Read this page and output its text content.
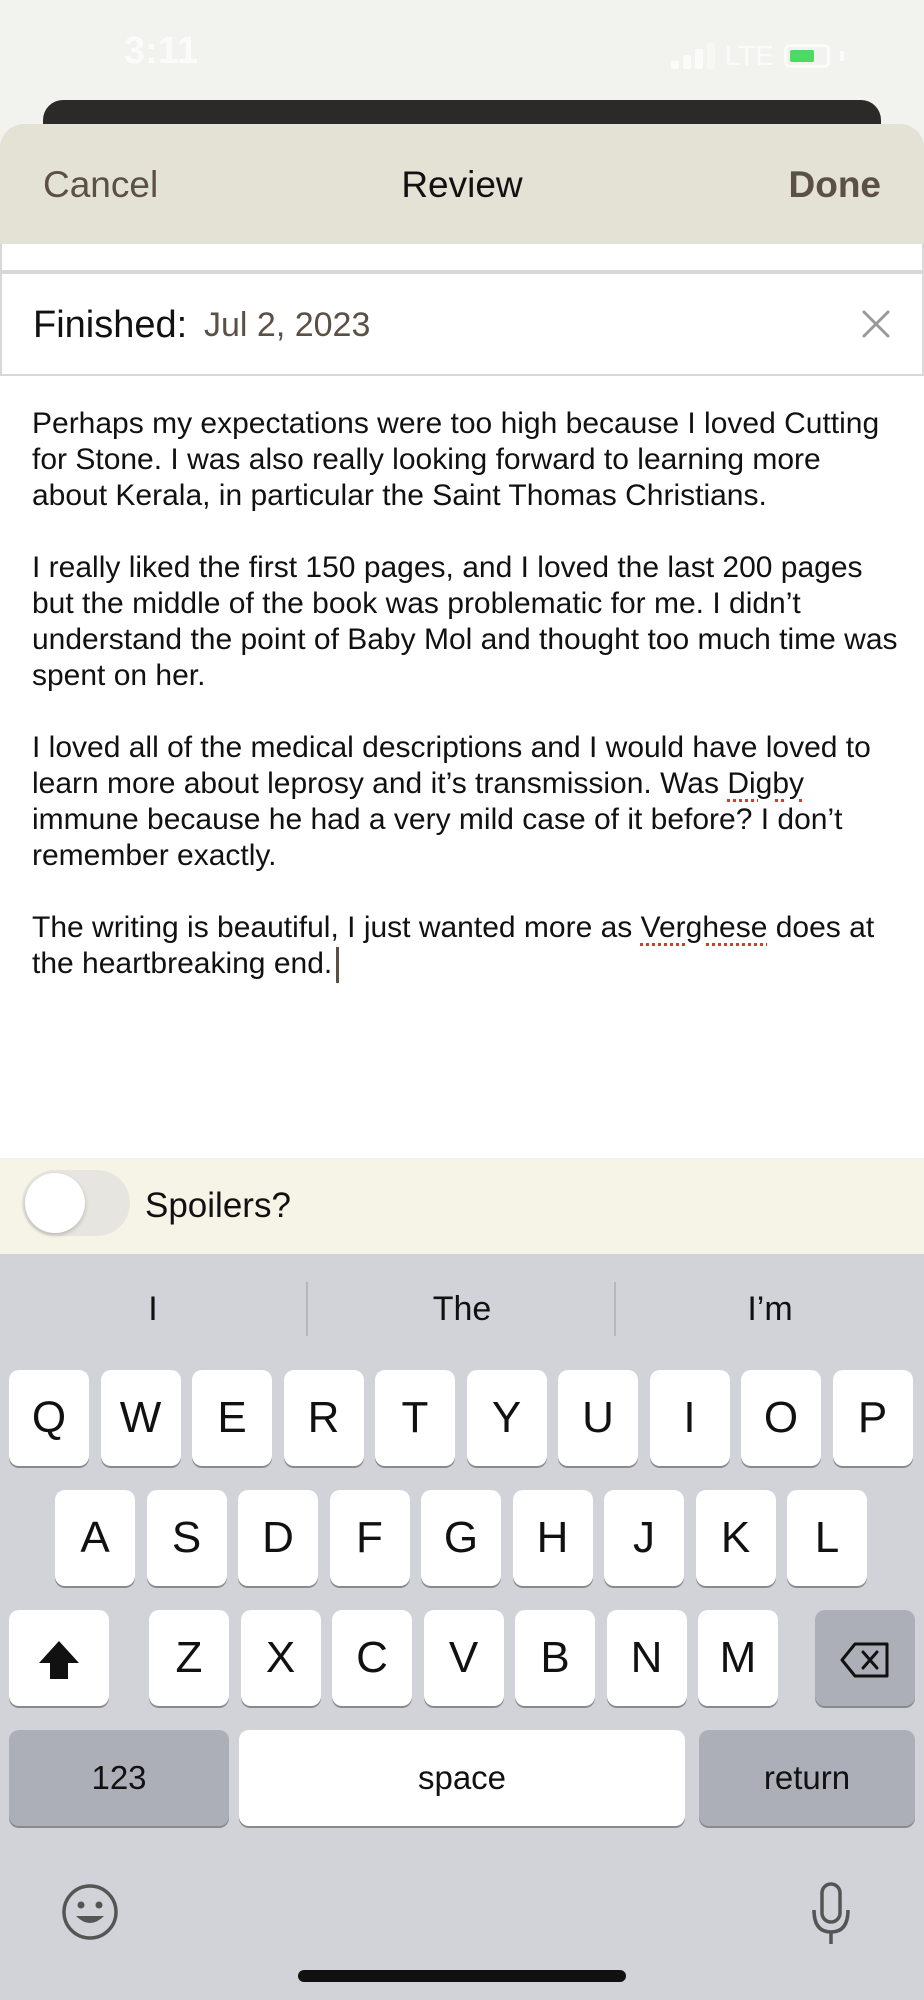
3:11	LTE
Cancel	Review	Done
Finished: Jul 2, 2023

Perhaps my expectations were too high because I loved Cutting for Stone. I was also really looking forward to learning more about Kerala, in particular the Saint Thomas Christians.

I really liked the first 150 pages, and I loved the last 200 pages but the middle of the book was problematic for me. I didn’t understand the point of Baby Mol and thought too much time was spent on her.

I loved all of the medical descriptions and I would have loved to learn more about leprosy and it’s transmission. Was Digby immune because he had a very mild case of it before? I don’t remember exactly.

The writing is beautiful, I just wanted more as Verghese does at the heartbreaking end.

Spoilers?
I	The	I’m
Q	W	E	R	T	Y	U	I	O	P
A	S	D	F	G	H	J	K	L
Z	X	C	V	B	N	M
123	space	return
